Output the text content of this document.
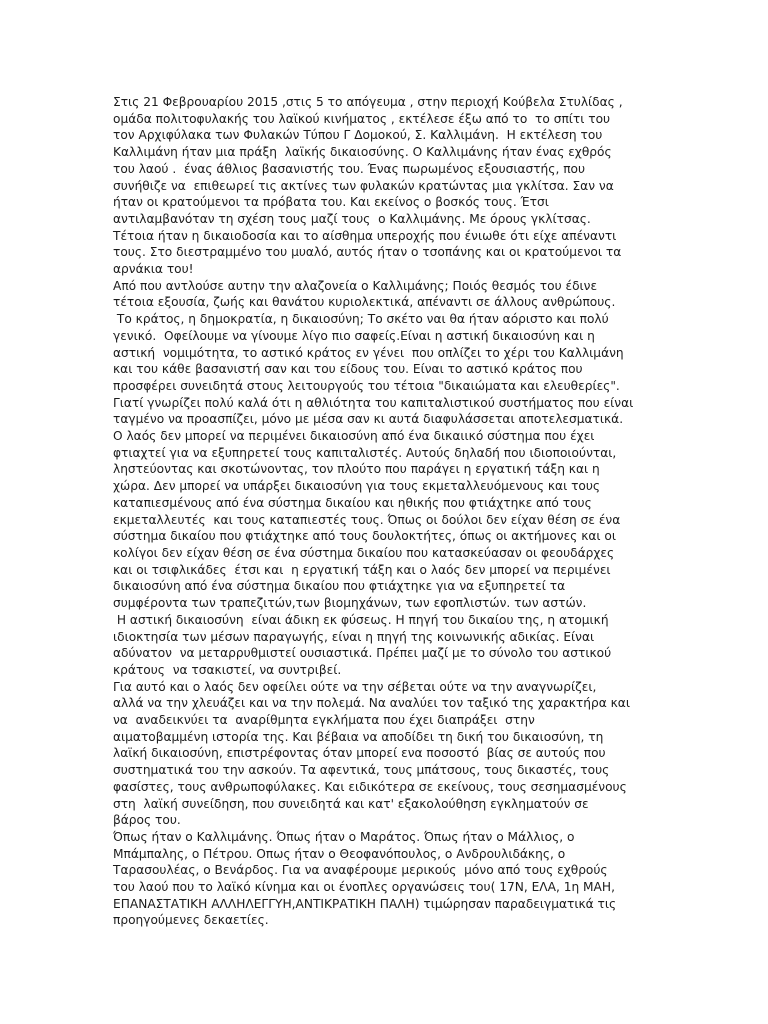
Στις 21 Φεβρουαρίου 2015 ,στις 5 το απόγευμα , στην περιοχή Κούβελα Στυλίδας ,
ομάδα πολιτοφυλακής του λαϊκού κινήματος , εκτέλεσε έξω από το  το σπίτι του
τον Αρχιφύλακα των Φυλακών Τύπου Γ Δομοκού, Σ. Καλλιμάνη.  Η εκτέλεση του
Καλλιμάνη ήταν μια πράξη  λαϊκής δικαιοσύνης. Ο Καλλιμάνης ήταν ένας εχθρός
του λαού .  ένας άθλιος βασανιστής του. Ένας πωρωμένος εξουσιαστής, που
συνήθιζε να  επιθεωρεί τις ακτίνες των φυλακών κρατώντας μια γκλίτσα. Σαν να
ήταν οι κρατούμενοι τα πρόβατα του. Και εκείνος ο βοσκός τους. Έτσι
αντιλαμβανόταν τη σχέση τους μαζί τους  ο Καλλιμάνης. Με όρους γκλίτσας.
Τέτοια ήταν η δικαιοδοσία και το αίσθημα υπεροχής που ένιωθε ότι είχε απέναντι
τους. Στο διεστραμμένο του μυαλό, αυτός ήταν ο τσοπάνης και οι κρατούμενοι τα
αρνάκια του!
Από που αντλούσε αυτην την αλαζονεία ο Καλλιμάνης; Ποιός θεσμός του έδινε
τέτοια εξουσία, ζωής και θανάτου κυριολεκτικά, απέναντι σε άλλους ανθρώπους.
Το κράτος, η δημοκρατία, η δικαιοσύνη; Το σκέτο ναι θα ήταν αόριστο και πολύ
γενικό.  Οφείλουμε να γίνουμε λίγο πιο σαφείς.Είναι η αστική δικαιοσύνη και η
αστική  νομιμότητα, το αστικό κράτος εν γένει  που οπλίζει το χέρι του Καλλιμάνη
και του κάθε βασανιστή σαν και του είδους του. Είναι το αστικό κράτος που
προσφέρει συνειδητά στους λειτουργούς του τέτοια "δικαιώματα και ελευθερίες".
Γιατί γνωρίζει πολύ καλά ότι η αθλιότητα του καπιταλιστικού συστήματος που είναι
ταγμένο να προασπίζει, μόνο με μέσα σαν κι αυτά διαφυλάσσεται αποτελεσματικά.
Ο λαός δεν μπορεί να περιμένει δικαιοσύνη από ένα δικαιικό σύστημα που έχει
φτιαχτεί για να εξυπηρετεί τους καπιταλιστές. Αυτούς δηλαδή που ιδιοποιούνται,
ληστεύοντας και σκοτώνοντας, τον πλούτο που παράγει η εργατική τάξη και η
χώρα. Δεν μπορεί να υπάρξει δικαιοσύνη για τους εκμεταλλευόμενους και τους
καταπιεσμένους από ένα σύστημα δικαίου και ηθικής που φτιάχτηκε από τους
εκμεταλλευτές  και τους καταπιεστές τους. Όπως οι δούλοι δεν είχαν θέση σε ένα
σύστημα δικαίου που φτιάχτηκε από τους δουλοκτήτες, όπως οι ακτήμονες και οι
κολίγοι δεν είχαν θέση σε ένα σύστημα δικαίου που κατασκεύασαν οι φεουδάρχες
και οι τσιφλικάδες  έτσι και  η εργατική τάξη και ο λαός δεν μπορεί να περιμένει
δικαιοσύνη από ένα σύστημα δικαίου που φτιάχτηκε για να εξυπηρετεί τα
συμφέροντα των τραπεζιτών,των βιομηχάνων, των εφοπλιστών. των αστών.
Η αστική δικαιοσύνη  είναι άδικη εκ φύσεως. Η πηγή του δικαίου της, η ατομική
ιδιοκτησία των μέσων παραγωγής, είναι η πηγή της κοινωνικής αδικίας. Είναι
αδύνατον  να μεταρρυθμιστεί ουσιαστικά. Πρέπει μαζί με το σύνολο του αστικού
κράτους  να τσακιστεί, να συντριβεί.
Για αυτό και ο λαός δεν οφείλει ούτε να την σέβεται ούτε να την αναγνωρίζει,
αλλά να την χλευάζει και να την πολεμά. Να αναλύει τον ταξικό της χαρακτήρα και
να  αναδεικνύει τα  αναρίθμητα εγκλήματα που έχει διαπράξει  στην
αιματοβαμμένη ιστορία της. Και βέβαια να αποδίδει τη δική του δικαιοσύνη, τη
λαϊκή δικαιοσύνη, επιστρέφοντας όταν μπορεί ενα ποσοστό  βίας σε αυτούς που
συστηματικά του την ασκούν. Τα αφεντικά, τους μπάτσους, τους δικαστές, τους
φασίστες, τους ανθρωποφύλακες. Και ειδικότερα σε εκείνους, τους σεσημασμένους
στη  λαϊκή συνείδηση, που συνειδητά και κατ' εξακολούθηση εγκληματούν σε
βάρος του.
Όπως ήταν ο Καλλιμάνης. Όπως ήταν ο Μαράτος. Όπως ήταν ο Μάλλιος, ο
Μπάμπαλης, ο Πέτρου. Οπως ήταν ο Θεοφανόπουλος, ο Ανδρουλιδάκης, ο
Ταρασουλέας, ο Βενάρδος. Για να αναφέρουμε μερικούς  μόνο από τους εχθρούς
του λαού που το λαϊκό κίνημα και οι ένοπλες οργανώσεις του( 17Ν, ΕΛΑ, 1η ΜΑΗ,
ΕΠΑΝΑΣΤΑΤΙΚΗ ΑΛΛΗΛΕΓΓΥΗ,ΑΝΤΙΚΡΑΤΙΚΗ ΠΑΛΗ) τιμώρησαν παραδειγματικά τις
προηγούμενες δεκαετίες.
